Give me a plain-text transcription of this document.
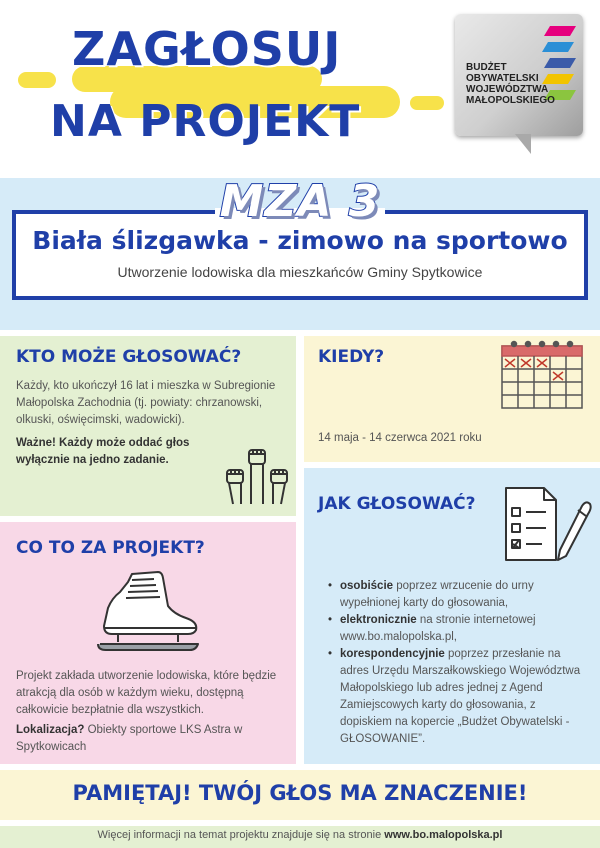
ZAGŁOSUJ
NA PROJEKT
BUDŻET
OBYWATELSKI
WOJEWÓDZTWA
MAŁOPOLSKIEGO
MZA 3
Biała ślizgawka - zimowo na sportowo
Utworzenie lodowiska dla mieszkańców Gminy Spytkowice
KTO MOŻE GŁOSOWAĆ?
Każdy, kto ukończył 16 lat i mieszka w Subregionie Małopolska Zachodnia (tj. powiaty: chrzanowski, olkuski, oświęcimski, wadowicki).
Ważne! Każdy może oddać głos wyłącznie na jedno zadanie.
KIEDY?
14 maja - 14 czerwca 2021 roku
CO TO ZA PROJEKT?
Projekt zakłada utworzenie lodowiska, które będzie atrakcją dla osób w każdym wieku, dostępną całkowicie bezpłatnie dla wszystkich.
Lokalizacja? Obiekty sportowe LKS Astra w Spytkowicach
JAK GŁOSOWAĆ?
• osobiście poprzez wrzucenie do urny wypełnionej karty do głosowania,
• elektronicznie na stronie internetowej www.bo.malopolska.pl,
• korespondencyjnie poprzez przesłanie na adres Urzędu Marszałkowskiego Województwa Małopolskiego lub adres jednej z Agend Zamiejscowych karty do głosowania, z dopiskiem na kopercie „Budżet Obywatelski - GŁOSOWANIE”.
PAMIĘTAJ! TWÓJ GŁOS MA ZNACZENIE!
Więcej informacji na temat projektu znajduje się na stronie www.bo.malopolska.pl
